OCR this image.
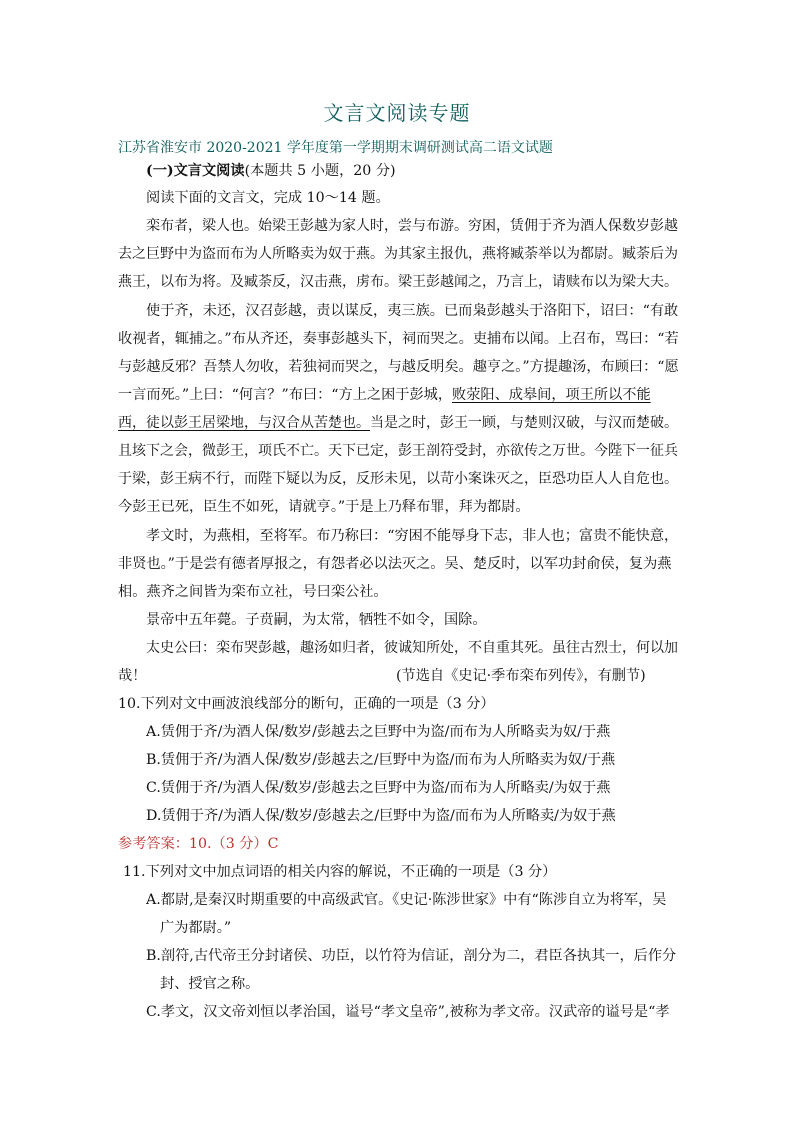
文言文阅读专题
江苏省淮安市 2020-2021 学年度第一学期期末调研测试高二语文试题
(一)文言文阅读(本题共 5 小题，20 分)
阅读下面的文言文，完成 10～14 题。
栾布者，梁人也。始梁王彭越为家人时，尝与布游。穷困，赁佣于齐为酒人保数岁彭越
去之巨野中为盗而布为人所略卖为奴于燕。为其家主报仇，燕将臧荼举以为都尉。臧荼后为
燕王，以布为将。及臧荼反，汉击燕，虏布。梁王彭越闻之，乃言上，请赎布以为梁大夫。
使于齐，未还，汉召彭越，责以谋反，夷三族。已而枭彭越头于洛阳下，诏曰：“有敢
收视者，辄捕之。”布从齐还，奏事彭越头下，祠而哭之。吏捕布以闻。上召布，骂曰：“若
与彭越反邪？吾禁人勿收，若独祠而哭之，与越反明矣。趣亨之。”方提趣汤，布顾曰：“愿
一言而死。”上曰：“何言？”布曰：“方上之困于彭城，败荥阳、成皋间，项王所以不能
西，徒以彭王居梁地，与汉合从苦楚也。当是之时，彭王一顾，与楚则汉破，与汉而楚破。
且垓下之会，微彭王，项氏不亡。天下已定，彭王剖符受封，亦欲传之万世。今陛下一征兵
于梁，彭王病不行，而陛下疑以为反，反形未见，以苛小案诛灭之，臣恐功臣人人自危也。
今彭王已死，臣生不如死，请就亨。”于是上乃释布罪，拜为都尉。
孝文时，为燕相，至将军。布乃称曰：“穷困不能辱身下志，非人也；富贵不能快意，
非贤也。”于是尝有德者厚报之，有怨者必以法灭之。吴、楚反时，以军功封俞侯，复为燕
相。燕齐之间皆为栾布立社，号曰栾公社。
景帝中五年薨。子贲嗣，为太常，牺牲不如令，国除。
太史公曰：栾布哭彭越，趣汤如归者，彼诚知所处，不自重其死。虽往古烈士，何以加
哉！	(节选自《史记·季布栾布列传》，有删节)
10.下列对文中画波浪线部分的断句，正确的一项是（3 分）
A.赁佣于齐/为酒人保/数岁/彭越去之巨野中为盗/而布为人所略卖为奴/于燕
B.赁佣于齐/为酒人保/数岁/彭越去之/巨野中为盗/而布为人所略卖为奴/于燕
C.赁佣于齐/为酒人保/数岁/彭越去之巨野中为盗/而布为人所略卖/为奴于燕
D.赁佣于齐/为酒人保/数岁/彭越去之/巨野中为盗/而布为人所略卖/为奴于燕
参考答案：10.（3 分）C
11.下列对文中加点词语的相关内容的解说，不正确的一项是（3 分）
A.都尉,是秦汉时期重要的中高级武官。《史记·陈涉世家》中有“陈涉自立为将军，吴
广为都尉。”
B.剖符,古代帝王分封诸侯、功臣，以竹符为信证，剖分为二，君臣各执其一，后作分
封、授官之称。
C.孝文，汉文帝刘恒以孝治国，谥号“孝文皇帝”,被称为孝文帝。汉武帝的谥号是“孝
